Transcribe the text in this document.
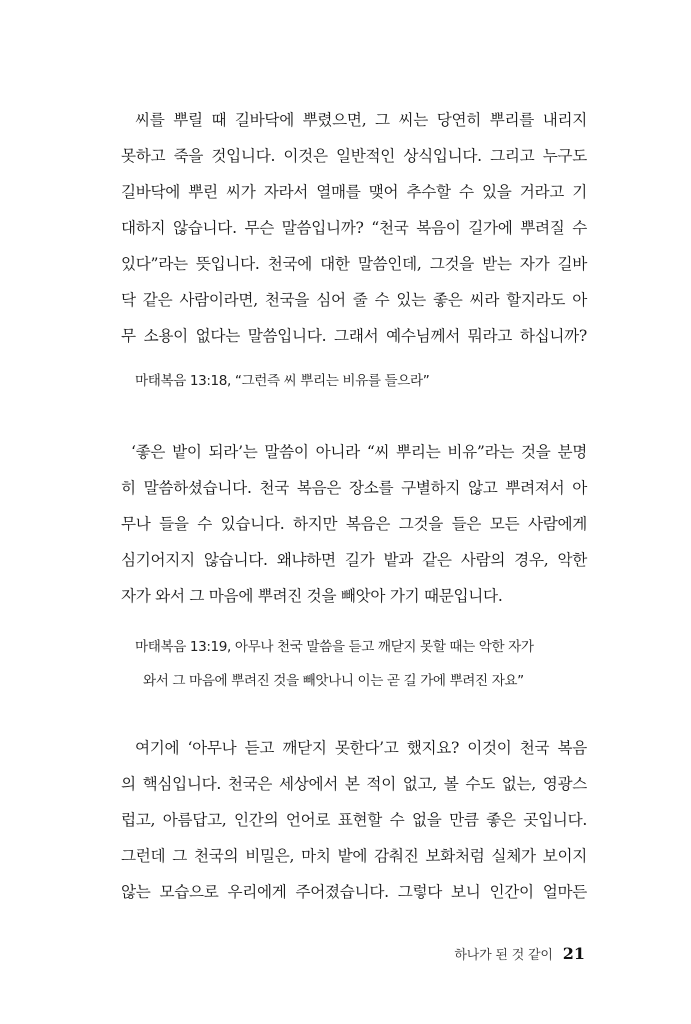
씨를 뿌릴 때 길바닥에 뿌렸으면, 그 씨는 당연히 뿌리를 내리지
못하고 죽을 것입니다. 이것은 일반적인 상식입니다. 그리고 누구도
길바닥에 뿌린 씨가 자라서 열매를 맺어 추수할 수 있을 거라고 기
대하지 않습니다. 무슨 말씀입니까? “천국 복음이 길가에 뿌려질 수
있다”라는 뜻입니다. 천국에 대한 말씀인데, 그것을 받는 자가 길바
닥 같은 사람이라면, 천국을 심어 줄 수 있는 좋은 씨라 할지라도 아
무 소용이 없다는 말씀입니다. 그래서 예수님께서 뭐라고 하십니까?
마태복음 13:18, “그런즉 씨 뿌리는 비유를 들으라”
‘좋은 밭이 되라’는 말씀이 아니라 “씨 뿌리는 비유”라는 것을 분명
히 말씀하셨습니다. 천국 복음은 장소를 구별하지 않고 뿌려져서 아
무나 들을 수 있습니다. 하지만 복음은 그것을 들은 모든 사람에게
심기어지지 않습니다. 왜냐하면 길가 밭과 같은 사람의 경우, 악한
자가 와서 그 마음에 뿌려진 것을 빼앗아 가기 때문입니다.
마태복음 13:19, 아무나 천국 말씀을 듣고 깨닫지 못할 때는 악한 자가
와서 그 마음에 뿌려진 것을 빼앗나니 이는 곧 길 가에 뿌려진 자요”
여기에 ‘아무나 듣고 깨닫지 못한다’고 했지요? 이것이 천국 복음
의 핵심입니다. 천국은 세상에서 본 적이 없고, 볼 수도 없는, 영광스
럽고, 아름답고, 인간의 언어로 표현할 수 없을 만큼 좋은 곳입니다.
그런데 그 천국의 비밀은, 마치 밭에 감춰진 보화처럼 실체가 보이지
않는 모습으로 우리에게 주어졌습니다. 그렇다 보니 인간이 얼마든
하나가 된 것 같이 21
